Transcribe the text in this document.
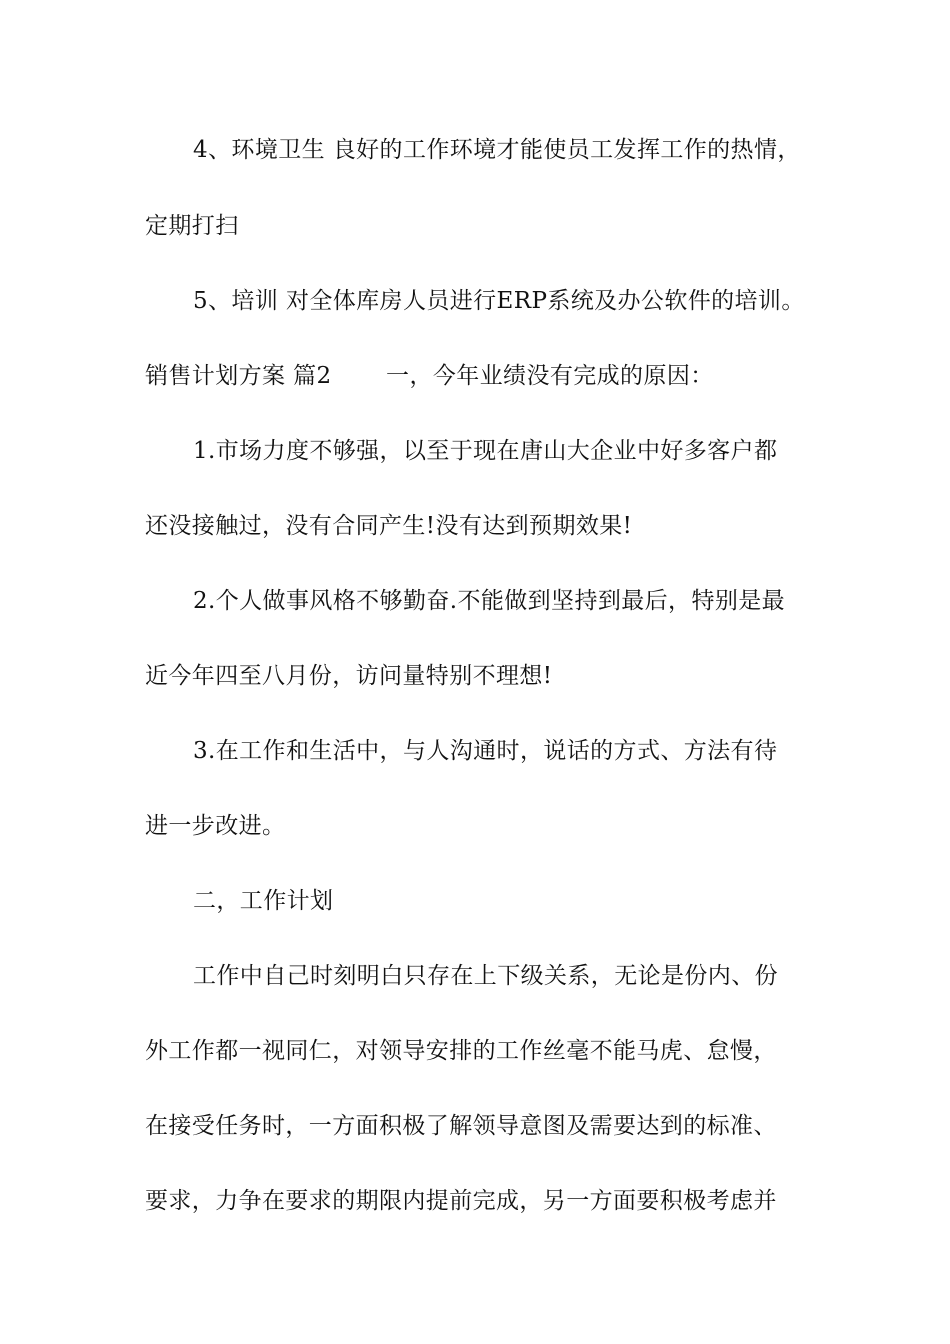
4、环境卫生 良好的工作环境才能使员工发挥工作的热情，
定期打扫
5、培训 对全体库房人员进行ERP系统及办公软件的培训。
销售计划方案 篇2　　 一，今年业绩没有完成的原因：
1.市场力度不够强，以至于现在唐山大企业中好多客户都
还没接触过，没有合同产生!没有达到预期效果!
2.个人做事风格不够勤奋.不能做到坚持到最后，特别是最
近今年四至八月份，访问量特别不理想!
3.在工作和生活中，与人沟通时，说话的方式、方法有待
进一步改进。
二，工作计划
工作中自己时刻明白只存在上下级关系，无论是份内、份
外工作都一视同仁，对领导安排的工作丝毫不能马虎、怠慢，
在接受任务时，一方面积极了解领导意图及需要达到的标准、
要求，力争在要求的期限内提前完成，另一方面要积极考虑并
